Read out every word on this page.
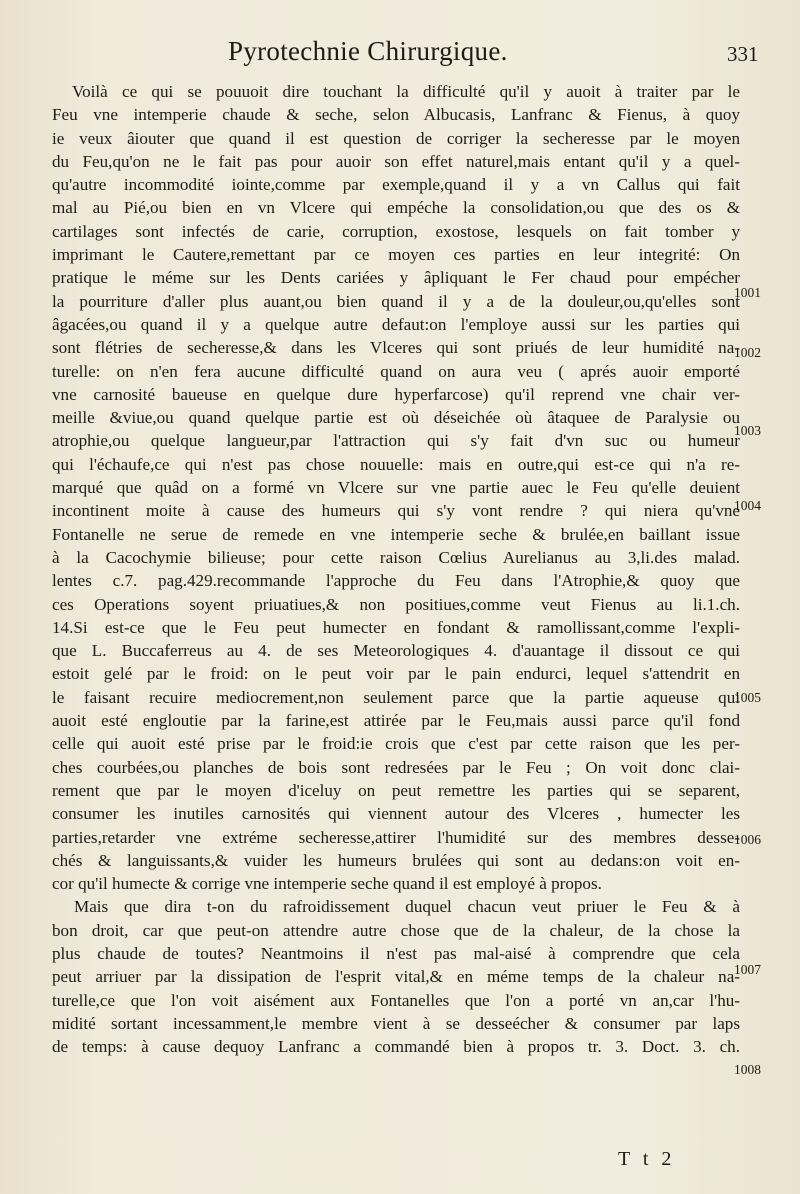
Pyrotechnie Chirurgique.	331
Voilà ce qui se pouuoit dire touchant la difficulté qu'il y auoit à traiter par le
Feu vne intemperie chaude & seche, selon Albucasis, Lanfranc & Fienus, à quoy
ie veux âiouter que quand il est question de corriger la secheresse par le moyen
du Feu,qu'on ne le fait pas pour auoir son effet naturel,mais entant qu'il y a quel-
qu'autre incommodité iointe,comme par exemple,quand il y a vn Callus qui fait
mal au Pié,ou bien en vn Vlcere qui empéche la consolidation,ou que des os &
cartilages sont infectés de carie, corruption, exostose, lesquels on fait tomber y
imprimant le Cautere,remettant par ce moyen ces parties en leur integrité: On
pratique le méme sur les Dents cariées y âpliquant le Fer chaud pour empécher
la pourriture d'aller plus auant,ou bien quand il y a de la douleur,ou,qu'elles sont
âgacées,ou quand il y a quelque autre defaut:on l'employe aussi sur les parties qui
sont flétries de secheresse,& dans les Vlceres qui sont priués de leur humidité na-
turelle: on n'en fera aucune difficulté quand on aura veu ( aprés auoir emporté
vne carnosité baueuse en quelque dure hyperfarcose) qu'il reprend vne chair ver-
meille &viue,ou quand quelque partie est où déseichée où âtaquee de Paralysie ou
atrophie,ou quelque langueur,par l'attraction qui s'y fait d'vn suc ou humeur
qui l'échaufe,ce qui n'est pas chose nouuelle: mais en outre,qui est-ce qui n'a re-
marqué que quâd on a formé vn Vlcere sur vne partie auec le Feu qu'elle deuient
incontinent moite à cause des humeurs qui s'y vont rendre ? qui niera qu'vne
Fontanelle ne serue de remede en vne intemperie seche & brulée,en baillant issue
à la Cacochymie bilieuse; pour cette raison Cœlius Aurelianus au 3,li.des malad.
lentes c.7. pag.429.recommande l'approche du Feu dans l'Atrophie,& quoy que
ces Operations soyent priuatiues,& non positiues,comme veut Fienus au li.1.ch.
14.Si est-ce que le Feu peut humecter en fondant & ramollissant,comme l'expli-
que L. Buccaferreus au 4. de ses Meteorologiques 4. d'auantage il dissout ce qui
estoit gelé par le froid: on le peut voir par le pain endurci, lequel s'attendrit en
le faisant recuire mediocrement,non seulement parce que la partie aqueuse qui
auoit esté engloutie par la farine,est attirée par le Feu,mais aussi parce qu'il fond
celle qui auoit esté prise par le froid:ie crois que c'est par cette raison que les per-
ches courbées,ou planches de bois sont redresées par le Feu ; On voit donc clai-
rement que par le moyen d'iceluy on peut remettre les parties qui se separent,
consumer les inutiles carnosités qui viennent autour des Vlceres , humecter les
parties,retarder vne extréme secheresse,attirer l'humidité sur des membres desse-
chés & languissants,& vuider les humeurs brulées qui sont au dedans:on voit en-
cor qu'il humecte & corrige vne intemperie seche quand il est employé à propos.
Mais que dira t-on du rafroidissement duquel chacun veut priuer le Feu & à
bon droit, car que peut-on attendre autre chose que de la chaleur, de la chose la
plus chaude de toutes? Neantmoins il n'est pas mal-aisé à comprendre que cela
peut arriuer par la dissipation de l'esprit vital,& en méme temps de la chaleur na-
turelle,ce que l'on voit aisément aux Fontanelles que l'on a porté vn an,car l'hu-
midité sortant incessamment,le membre vient à se desseécher & consumer par laps
de temps: à cause dequoy Lanfranc a commandé bien à propos tr. 3. Doct. 3. ch.
1001
1002
1003
1004
1005
1006
1007
1008
T t 2
